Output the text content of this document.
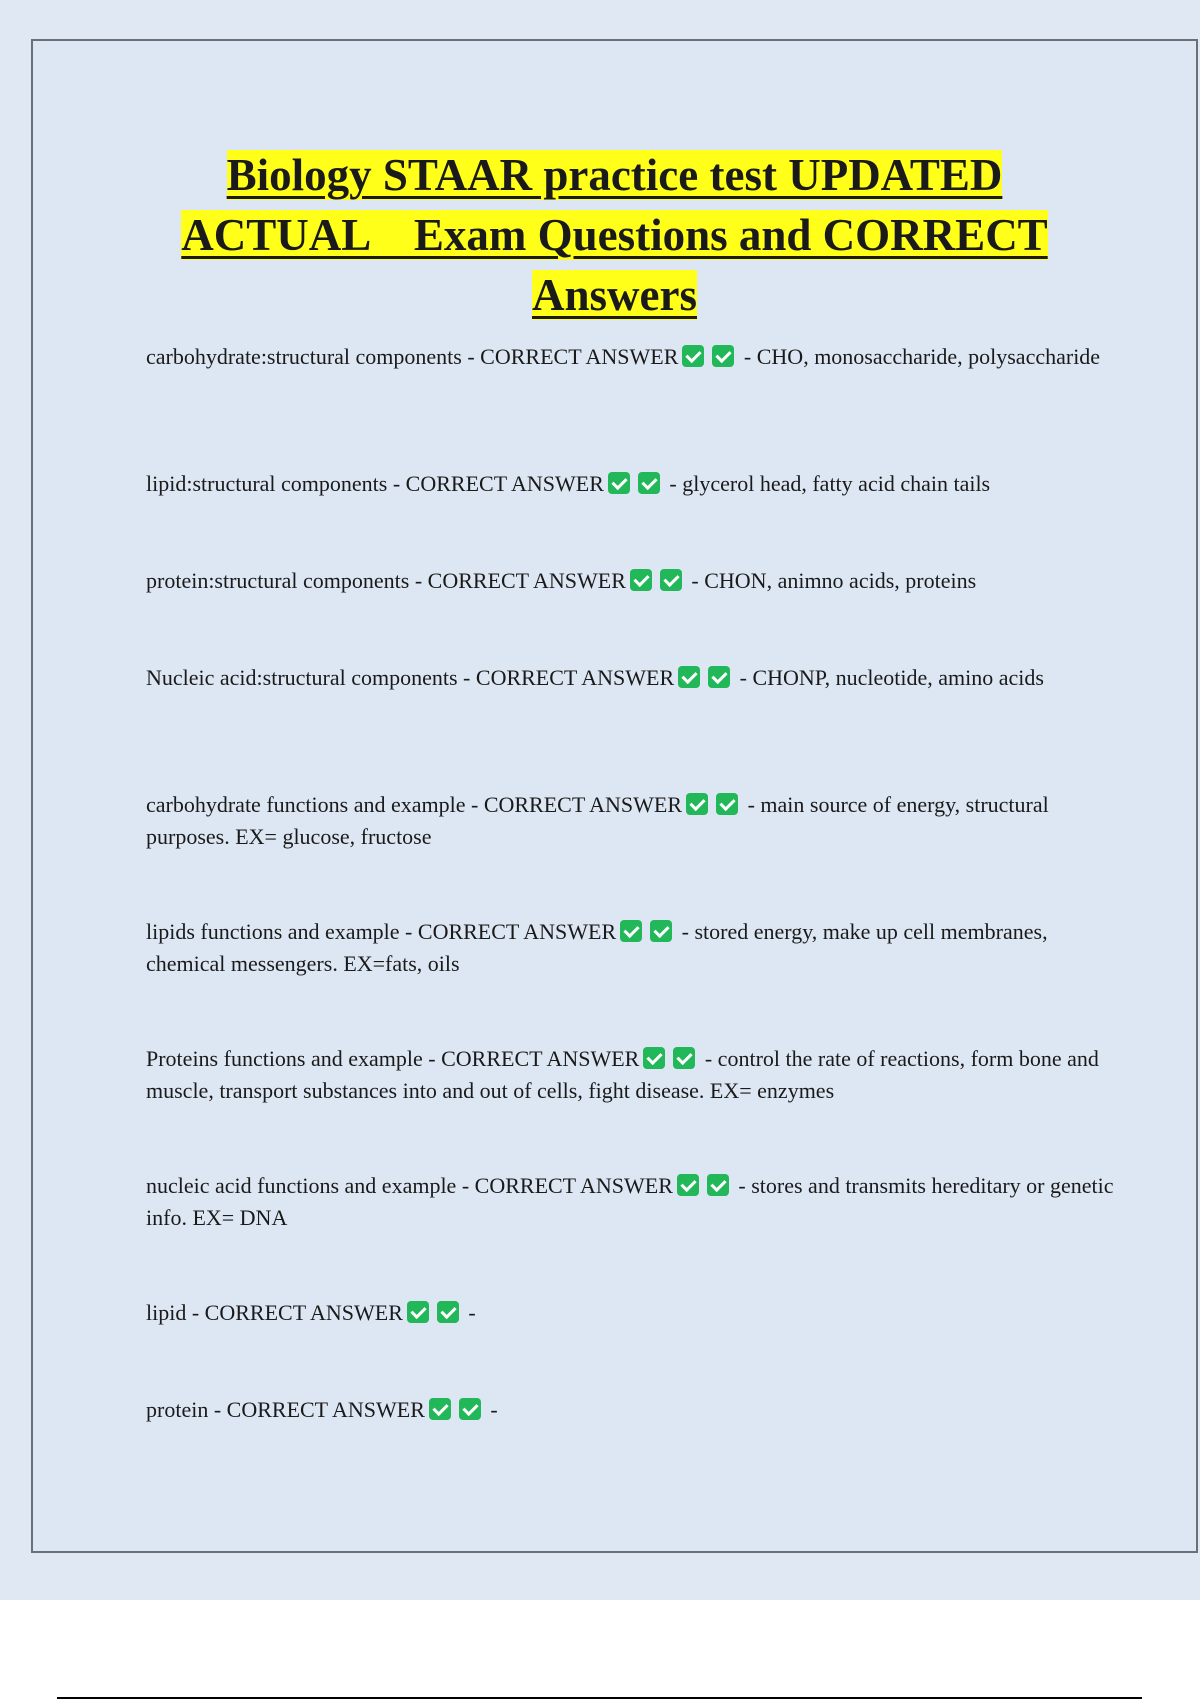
Biology STAAR practice test UPDATED
ACTUAL    Exam Questions and CORRECT
Answers

carbohydrate:structural components - CORRECT ANSWER	- CHO, monosaccharide, polysaccharide

lipid:structural components - CORRECT ANSWER	- glycerol head, fatty acid chain tails

protein:structural components - CORRECT ANSWER	- CHON, animno acids, proteins

Nucleic acid:structural components - CORRECT ANSWER	- CHONP, nucleotide, amino acids

carbohydrate functions and example - CORRECT ANSWER	- main source of energy, structural purposes. EX= glucose, fructose

lipids functions and example - CORRECT ANSWER	- stored energy, make up cell membranes, chemical messengers. EX=fats, oils

Proteins functions and example - CORRECT ANSWER	- control the rate of reactions, form bone and muscle, transport substances into and out of cells, fight disease. EX= enzymes

nucleic acid functions and example - CORRECT ANSWER	- stores and transmits hereditary or genetic info. EX= DNA

lipid - CORRECT ANSWER	-

protein - CORRECT ANSWER	-
